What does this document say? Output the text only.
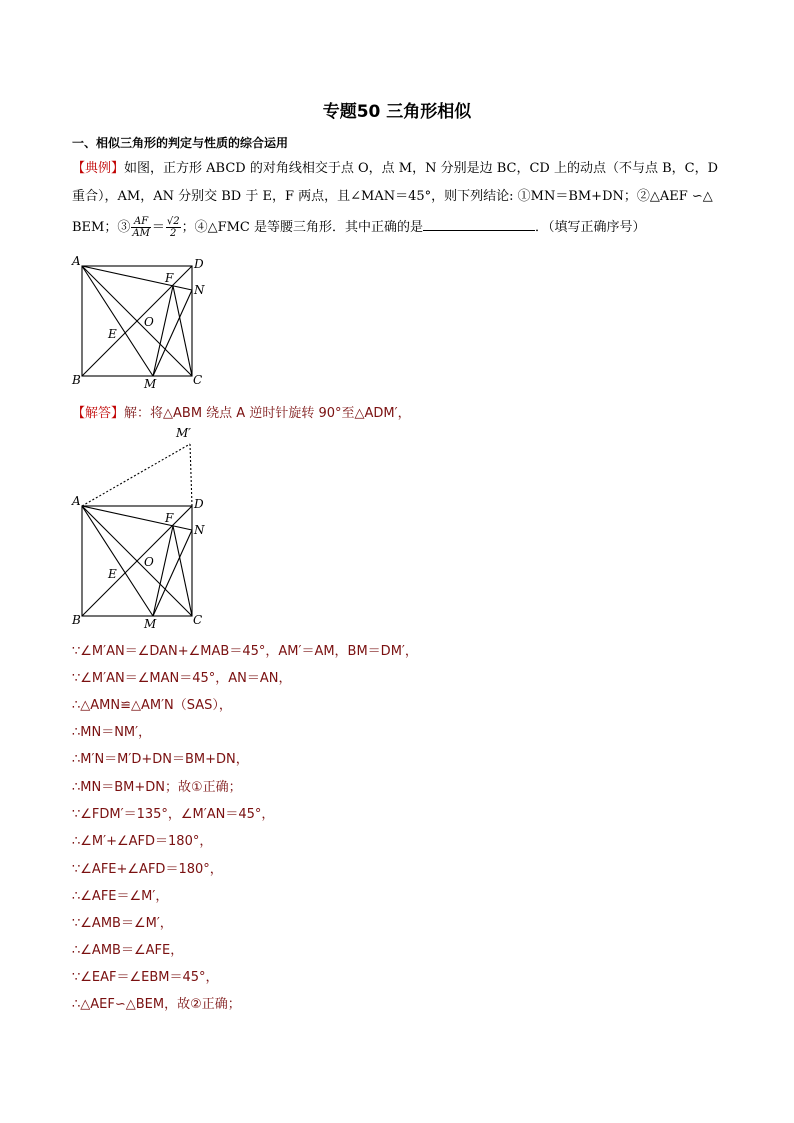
专题50 三角形相似
一、相似三角形的判定与性质的综合运用
【典例】如图，正方形 ABCD 的对角线相交于点 O，点 M，N 分别是边 BC，CD 上的动点（不与点 B，C，D
重合），AM，AN 分别交 BD 于 E，F 两点，且∠MAN＝45°，则下列结论: ①MN＝BM+DN；②△AEF ∽△
BEM；③ $\frac{AF}{AM} = \frac{√2}{2}$ ；④△FMC 是等腰三角形．其中正确的是	．（填写正确序号）
A	D
B	C
F
N
O
E
M
【解答】解：将△ABM 绕点 A 逆时针旋转 90°至△ADM′，
M′
A	D
B	C
F
N
O
E
M
∵∠M′AN＝∠DAN+∠MAB＝45°，AM′＝AM，BM＝DM′，
∵∠M′AN＝∠MAN＝45°，AN＝AN，
∴△AMN≌△AM′N（SAS），
∴MN＝NM′，
∴M′N＝M′D+DN＝BM+DN，
∴MN＝BM+DN；故①正确；
∵∠FDM′＝135°，∠M′AN＝45°，
∴∠M′+∠AFD＝180°，
∵∠AFE+∠AFD＝180°，
∴∠AFE＝∠M′，
∵∠AMB＝∠M′，
∴∠AMB＝∠AFE，
∵∠EAF＝∠EBM＝45°，
∴△AEF∽△BEM，故②正确；
